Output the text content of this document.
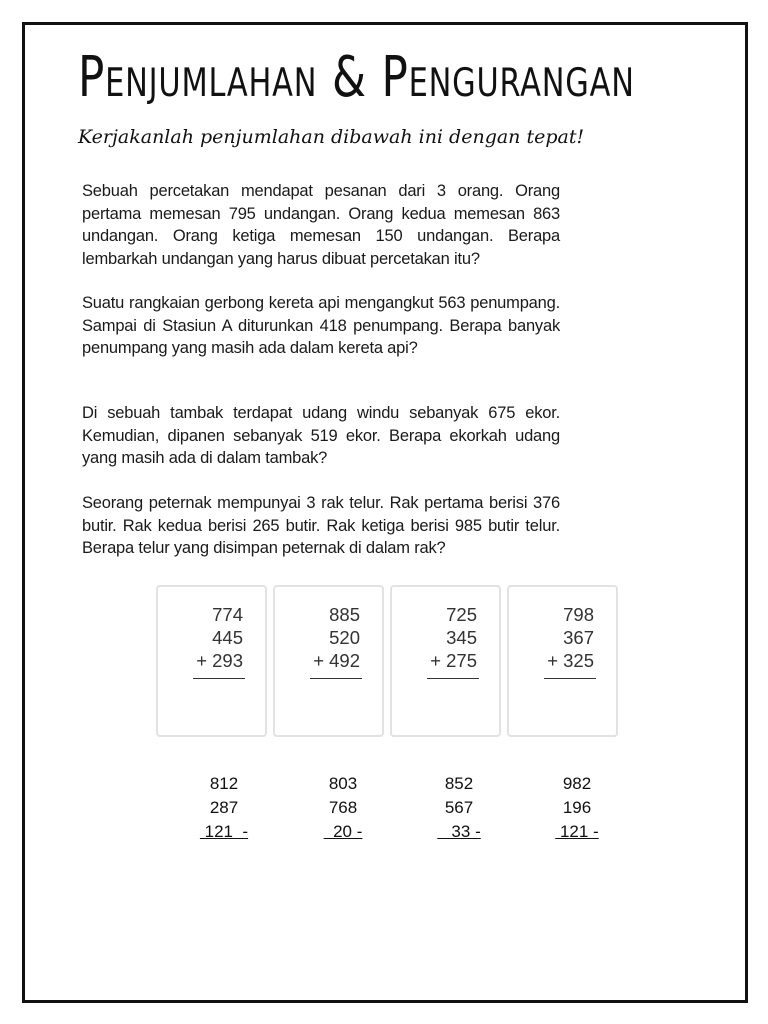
Penjumlahan & Pengurangan
Kerjakanlah penjumlahan dibawah ini dengan tepat!
Sebuah percetakan mendapat pesanan dari 3 orang. Orang pertama memesan 795 undangan. Orang kedua memesan 863 undangan. Orang ketiga memesan 150 undangan. Berapa lembarkah undangan yang harus dibuat percetakan itu?
Suatu rangkaian gerbong kereta api mengangkut 563 penumpang. Sampai di Stasiun A diturunkan 418 penumpang. Berapa banyak penumpang yang masih ada dalam kereta api?
Di sebuah tambak terdapat udang windu sebanyak 675 ekor. Kemudian, dipanen sebanyak 519 ekor. Berapa ekorkah udang yang masih ada di dalam tambak?
Seorang peternak mempunyai 3 rak telur. Rak pertama berisi 376 butir. Rak kedua berisi 265 butir. Rak ketiga berisi 985 butir telur. Berapa telur yang disimpan peternak di dalam rak?
774
445
+ 293
885
520
+ 492
725
345
+ 275
798
367
+ 325
812
287
121  -
803
768
20 -
852
567
33 -
982
196
121 -
